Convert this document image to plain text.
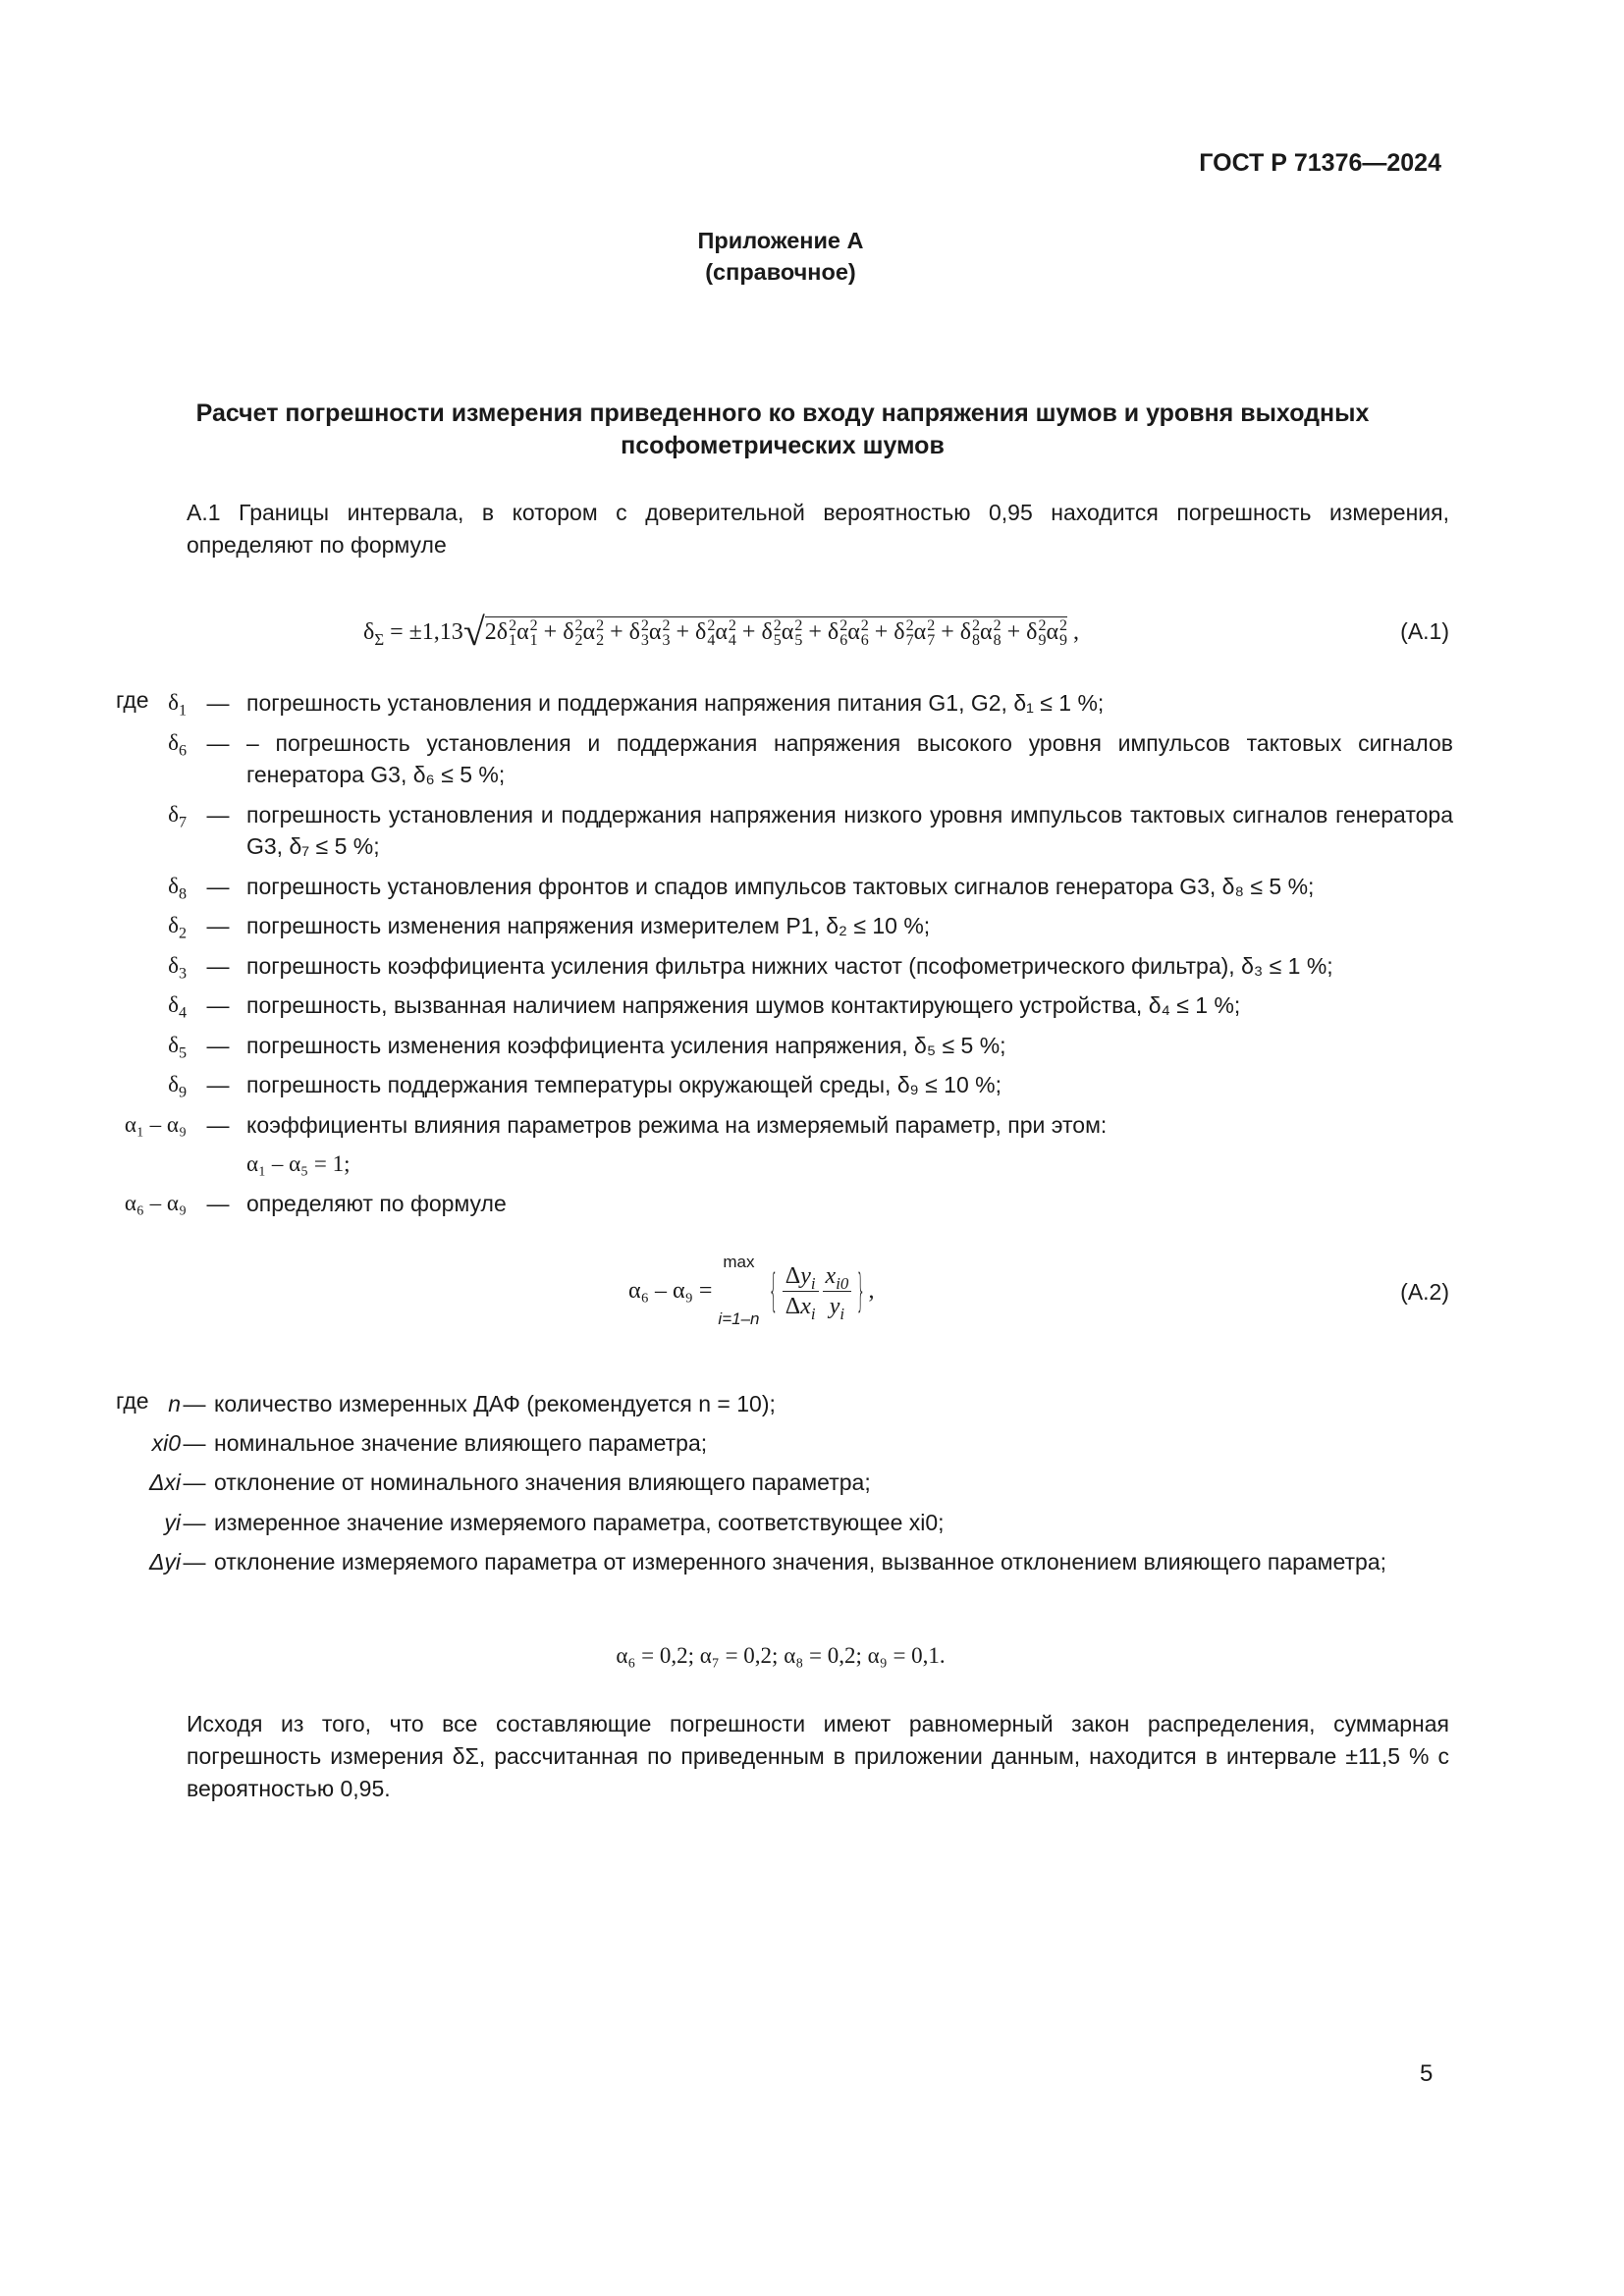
ГОСТ Р 71376—2024
Приложение А
(справочное)
Расчет погрешности измерения приведенного ко входу напряжения шумов и уровня выходных
псофометрических шумов
А.1 Границы интервала, в котором с доверительной вероятностью 0,95 находится погрешность измерения, определяют по формуле
$\delta_\Sigma = \pm 1,13√2\delta$ 2
1 α 2
1 + δ 2
2 α 2
2 + δ 2
3 α 2
3 + δ 2
4 α 2
4 + δ 2
5 α 2
5 + δ 2
6 α 2
6 + δ 2
7 α 2
7 + δ 2
8 α 2
8 + δ 2
9 α 2
9 ,	(А.1)
где $\delta_1$ — погрешность установления и поддержания напряжения питания G1, G2, δ₁ ≤ 1 %;
$\delta_6$ — – погрешность установления и поддержания напряжения высокого уровня импульсов тактовых сигналов генератора G3, δ₆ ≤ 5 %;
$\delta_7$ — погрешность установления и поддержания напряжения низкого уровня импульсов тактовых сигналов генератора G3, δ₇ ≤ 5 %;
$\delta_8$ — погрешность установления фронтов и спадов импульсов тактовых сигналов генератора G3, δ₈ ≤ 5 %;
$\delta_2$ — погрешность изменения напряжения измерителем P1, δ₂ ≤ 10 %;
$\delta_3$ — погрешность коэффициента усиления фильтра нижних частот (псофометрического фильтра), δ₃ ≤ 1 %;
$\delta_4$ — погрешность, вызванная наличием напряжения шумов контактирующего устройства, δ₄ ≤ 1 %;
$\delta_5$ — погрешность изменения коэффициента усиления напряжения, δ₅ ≤ 5 %;
$\delta_9$ — погрешность поддержания температуры окружающей среды, δ₉ ≤ 10 %;
α₁ – α₉ — коэффициенты влияния параметров режима на измеряемый параметр, при этом:
α₁ – α₅ = 1;
α₆ – α₉ — определяют по формуле
α₆ – α₉ =
max
i=1–n
{ $\frac{\Delta y_i}{\Delta x_i} \frac{x_{i0}}{y_i}$ } ,	(А.2)
где n — количество измеренных ДАФ (рекомендуется n = 10);
xi0 — номинальное значение влияющего параметра;
Δxi — отклонение от номинального значения влияющего параметра;
yi — измеренное значение измеряемого параметра, соответствующее xi0;
Δyi — отклонение измеряемого параметра от измеренного значения, вызванное отклонением влияющего параметра;
α₆ = 0,2; α₇ = 0,2; α₈ = 0,2; α₉ = 0,1.
Исходя из того, что все составляющие погрешности имеют равномерный закон распределения, суммарная погрешность измерения δΣ, рассчитанная по приведенным в приложении данным, находится в интервале ±11,5 % с вероятностью 0,95.
5
